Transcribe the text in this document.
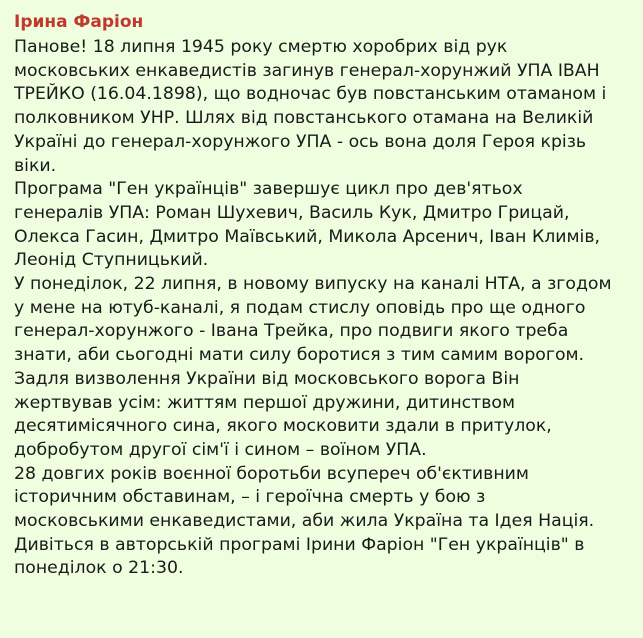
Ірина Фаріон
Панове! 18 липня 1945 року смертю хоробрих від рук
московських енкаведистів загинув генерал-хорунжий УПА ІВАН
ТРЕЙКО (16.04.1898), що водночас був повстанським отаманом і
полковником УНР. Шлях від повстанського отамана на Великій
Україні до генерал-хорунжого УПА - ось вона доля Героя крізь
віки.
Програма "Ген українців" завершує цикл про дев'ятьох
генералів УПА: Роман Шухевич, Василь Кук, Дмитро Грицай,
Олекса Гасин, Дмитро Маївський, Микола Арсенич, Іван Климів,
Леонід Ступницький.
У понеділок, 22 липня, в новому випуску на каналі НТА, а згодом
у мене на ютуб-каналі, я подам стислу оповідь про ще одного
генерал-хорунжого - Івана Трейка, про подвиги якого треба
знати, аби сьогодні мати силу боротися з тим самим ворогом.
Задля визволення України від московського ворога Він
жертвував усім: життям першої дружини, дитинством
десятимісячного сина, якого московити здали в притулок,
добробутом другої сім'ї і сином – воїном УПА.
28 довгих років воєнної боротьби всупереч об'єктивним
історичним обставинам, – і героїчна смерть у бою з
московськими енкаведистами, аби жила Україна та Ідея Нація.
Дивіться в авторській програмі Ірини Фаріон "Ген українців" в
понеділок о 21:30.
